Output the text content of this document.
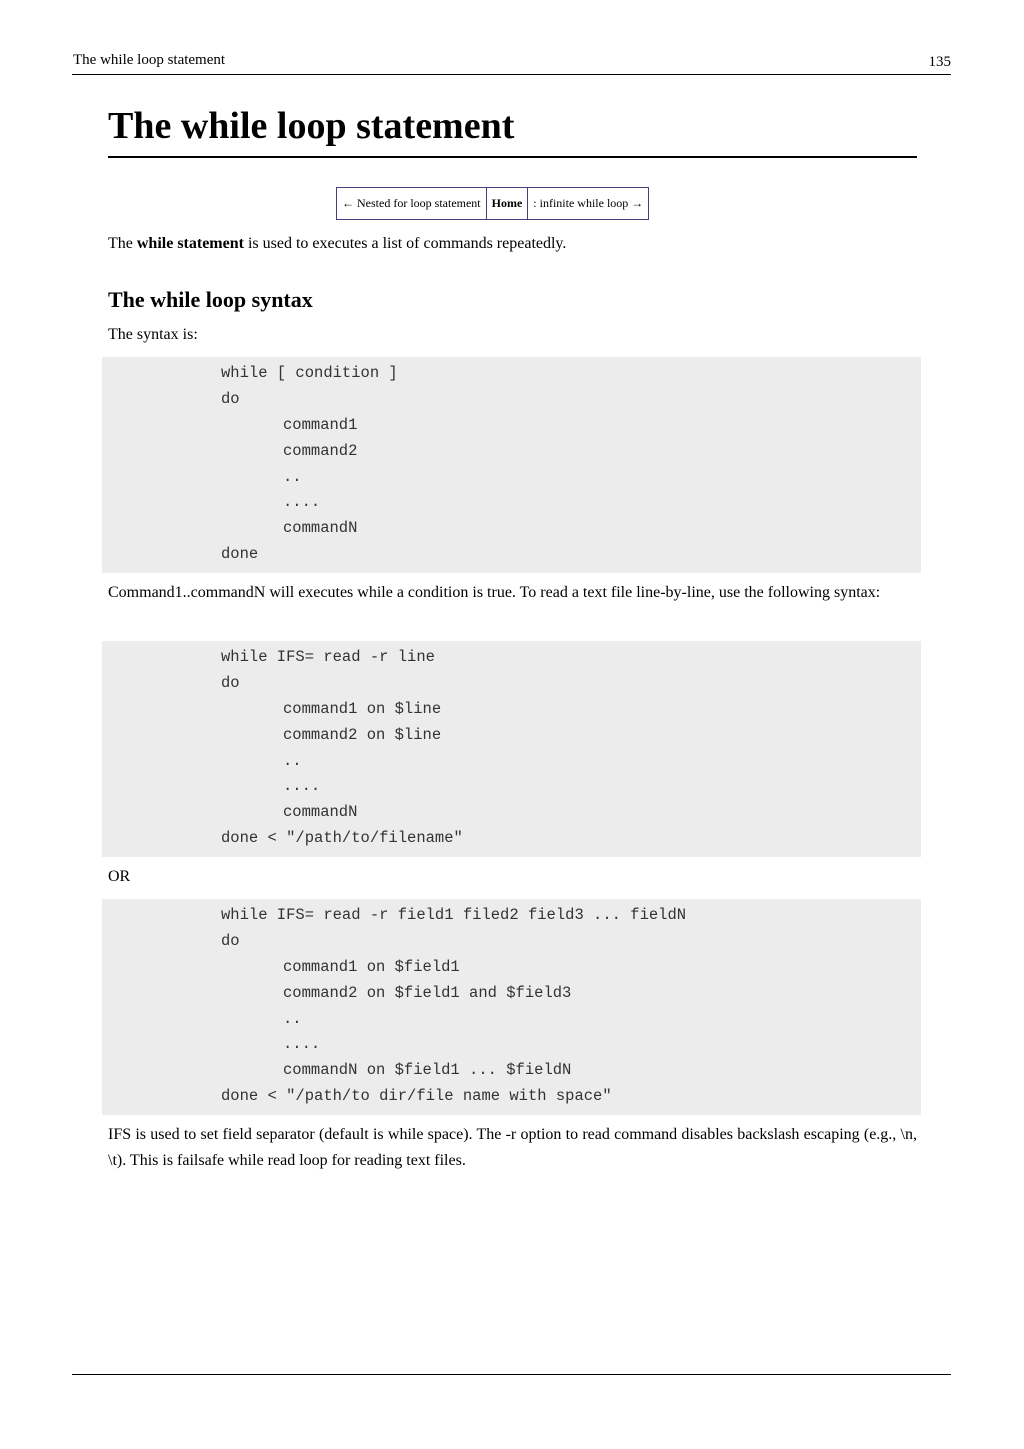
The while loop statement	135
The while loop statement
← Nested for loop statement Home : infinite while loop →

The while statement is used to executes a list of commands repeatedly.

The while loop syntax

The syntax is:

while [ condition ]
do
command1
command2
..
....
commandN
done

Command1..commandN will executes while a condition is true. To read a text file line-by-line, use the following syntax:

while IFS= read -r line
do
command1 on $line
command2 on $line
..
....
commandN
done < "/path/to/filename"

OR

while IFS= read -r field1 filed2 field3 ... fieldN
do
command1 on $field1
command2 on $field1 and $field3
..
....
commandN on $field1 ... $fieldN
done < "/path/to dir/file name with space"

IFS is used to set field separator (default is while space). The -r option to read command disables backslash escaping (e.g., \n, \t). This is failsafe while read loop for reading text files.
